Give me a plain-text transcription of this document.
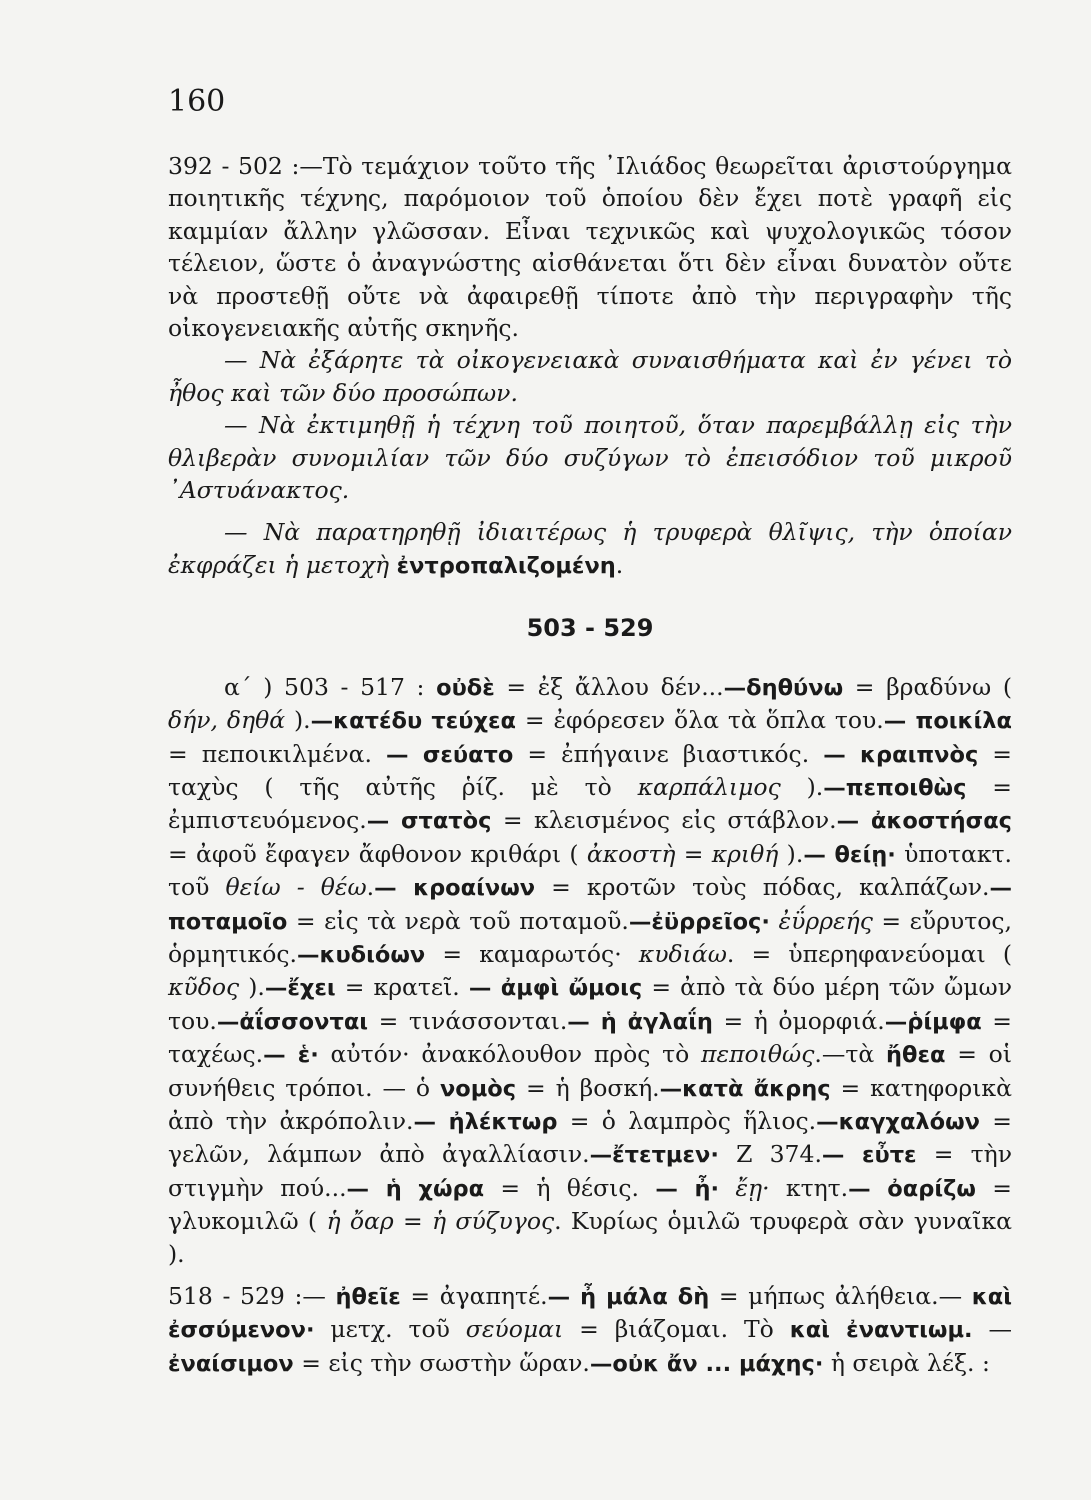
160

392 - 502 :—Τὸ τεμάχιον τοῦτο τῆς ᾿Ιλιάδος θεωρεῖται ἀριστούργημα ποιητικῆς τέχνης, παρόμοιον τοῦ ὁποίου δὲν ἔχει ποτὲ γραφῆ εἰς καμμίαν ἄλλην γλῶσσαν. Εἶναι τεχνικῶς καὶ ψυχολογικῶς τόσον τέλειον, ὥστε ὁ ἀναγνώστης αἰσθάνεται ὅτι δὲν εἶναι δυνατὸν οὔτε νὰ προστεθῇ οὔτε νὰ ἀφαιρεθῇ τίποτε ἀπὸ τὴν περιγραφὴν τῆς οἰκογενειακῆς αὐτῆς σκηνῆς.

— Νὰ ἐξάρητε τὰ οἰκογενειακὰ συναισθήματα καὶ ἐν γένει τὸ ἦθος καὶ τῶν δύο προσώπων.

— Νὰ ἐκτιμηθῇ ἡ τέχνη τοῦ ποιητοῦ, ὅταν παρεμβάλλῃ εἰς τὴν θλιβερὰν συνομιλίαν τῶν δύο συζύγων τὸ ἐπεισόδιον τοῦ μικροῦ ᾿Αστυάνακτος.

— Νὰ παρατηρηθῇ ἰδιαιτέρως ἡ τρυφερὰ θλῖψις, τὴν ὁποίαν ἐκφράζει ἡ μετοχὴ ἐντροπαλιζομένη.

503 - 529

α΄ ) 503 - 517 : οὐδὲ = ἐξ ἄλλου δέν...—δηθύνω = βραδύνω ( δήν, δηθά ).—κατέδυ τεύχεα = ἐφόρεσεν ὅλα τὰ ὅπλα του.— ποικίλα = πεποικιλμένα. — σεύατο = ἐπήγαινε βιαστικός. — κραιπνὸς = ταχὺς ( τῆς αὐτῆς ῥίζ. μὲ τὸ καρπάλιμος ).—πεποιθὼς = ἐμπιστευόμενος.— στατὸς = κλεισμένος εἰς στάβλον.— ἀκοστήσας = ἀφοῦ ἔφαγεν ἄφθονον κριθάρι ( ἀκοστὴ = κριθή ).— θείῃ· ὑποτακτ. τοῦ θείω - θέω.— κροαίνων = κροτῶν τοὺς πόδας, καλπάζων.—ποταμοῖο = εἰς τὰ νερὰ τοῦ ποταμοῦ.—ἐϋρρεῖος· ἐΰρρεής = εὔρυτος, ὁρμητικός.—κυδιόων = καμαρωτός· κυδιάω. = ὑπερηφανεύομαι ( κῦδος ).—ἔχει = κρατεῖ. — ἀμφὶ ὤμοις = ἀπὸ τὰ δύο μέρη τῶν ὤμων του.—ἀΐσσονται = τινάσσονται.— ἡ ἀγλαΐη = ἡ ὀμορφιά.—ῥίμφα = ταχέως.— ἑ· αὐτόν· ἀνακόλουθον πρὸς τὸ πεποιθώς.—τὰ ἤθεα = οἱ συνήθεις τρόποι. — ὁ νομὸς = ἡ βοσκή.—κατὰ ἄκρης = κατηφορικὰ ἀπὸ τὴν ἀκρόπολιν.— ἠλέκτωρ = ὁ λαμπρὸς ἥλιος.—καγχαλόων = γελῶν, λάμπων ἀπὸ ἀγαλλίασιν.—ἔτετμεν· Ζ 374.— εὖτε = τὴν στιγμὴν πού...— ἡ χώρα = ἡ θέσις. — ἦ· ἔῃ· κτητ.— ὀαρίζω = γλυκομιλῶ ( ἡ ὄαρ = ἡ σύζυγος. Κυρίως ὁμιλῶ τρυφερὰ σὰν γυναῖκα ).

518 - 529 :— ἠθεῖε = ἀγαπητέ.— ἦ μάλα δὴ = μήπως ἀλήθεια.— καὶ ἐσσύμενον· μετχ. τοῦ σεύομαι = βιάζομαι. Τὸ καὶ ἐναντιωμ. — ἐναίσιμον = εἰς τὴν σωστὴν ὥραν.—οὐκ ἄν ... μάχης· ἡ σειρὰ λέξ. :
